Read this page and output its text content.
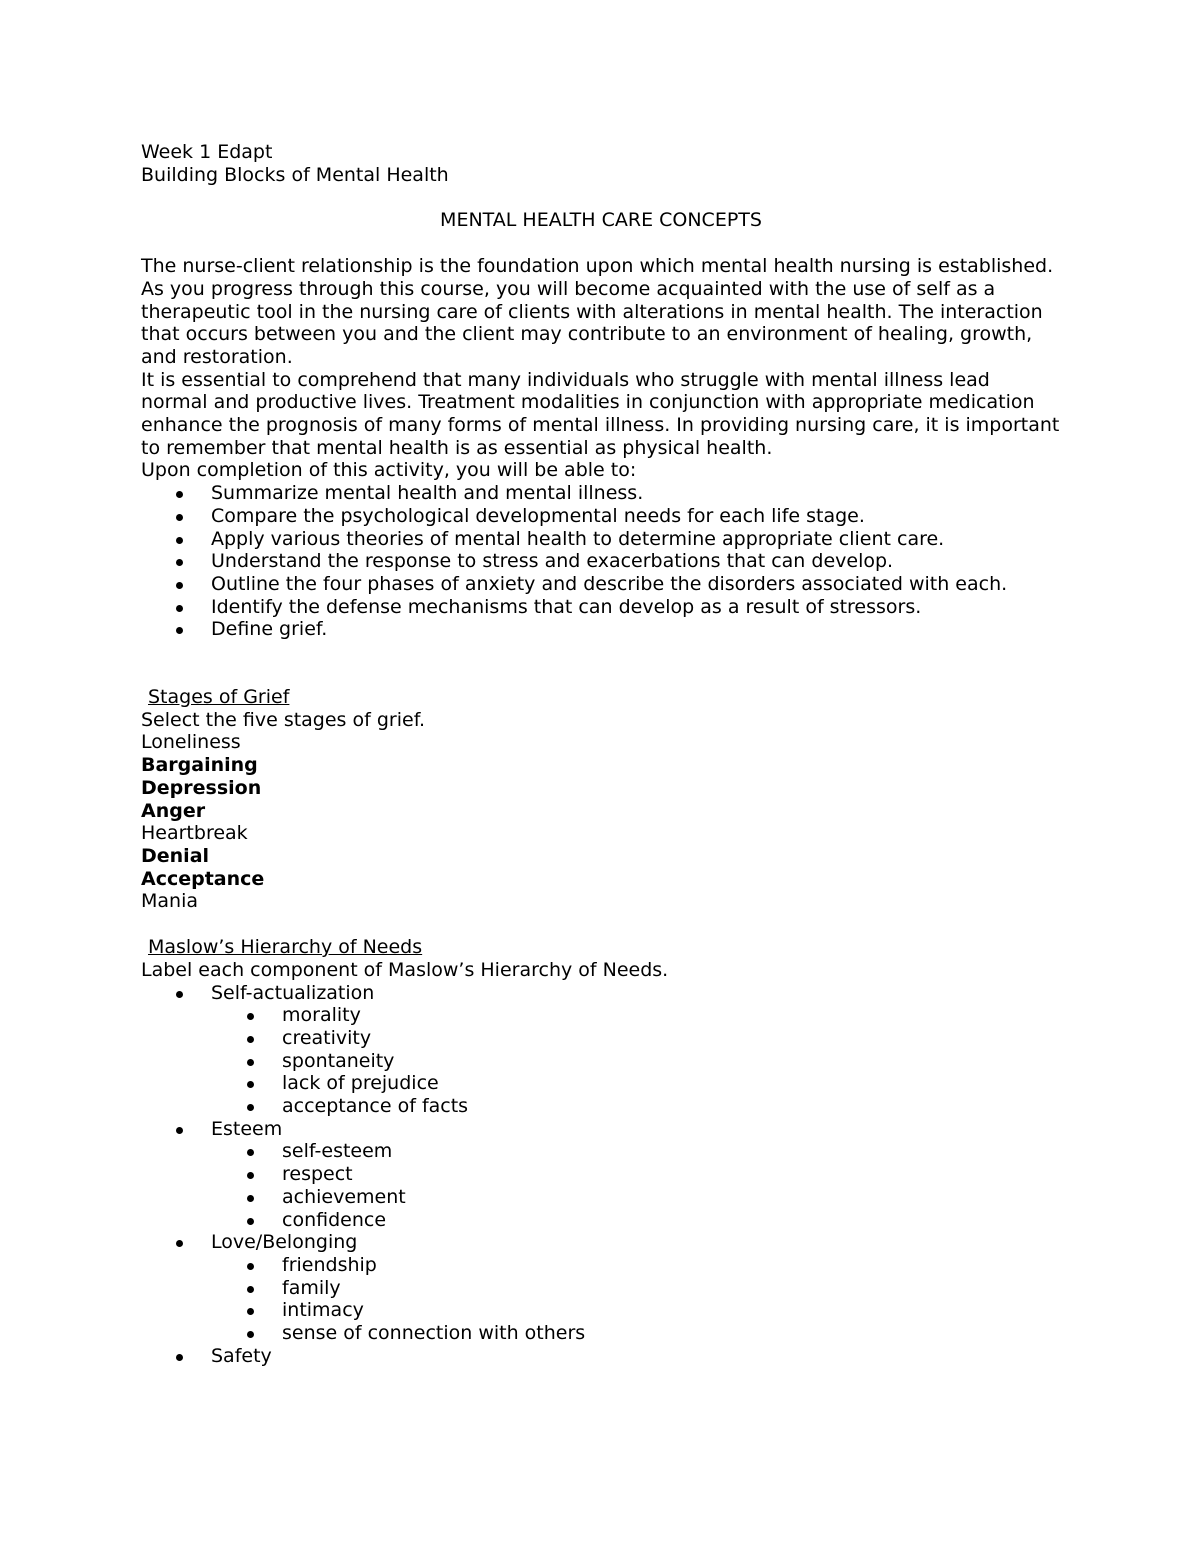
Week 1 Edapt

Building Blocks of Mental Health

MENTAL HEALTH CARE CONCEPTS

The nurse-client relationship is the foundation upon which mental health nursing is established. As you progress through this course, you will become acquainted with the use of self as a therapeutic tool in the nursing care of clients with alterations in mental health. The interaction that occurs between you and the client may contribute to an environment of healing, growth, and restoration.

It is essential to comprehend that many individuals who struggle with mental illness lead normal and productive lives. Treatment modalities in conjunction with appropriate medication enhance the prognosis of many forms of mental illness. In providing nursing care, it is important to remember that mental health is as essential as physical health.

Upon completion of this activity, you will be able to:

Summarize mental health and mental illness.
Compare the psychological developmental needs for each life stage.
Apply various theories of mental health to determine appropriate client care.
Understand the response to stress and exacerbations that can develop.
Outline the four phases of anxiety and describe the disorders associated with each.
Identify the defense mechanisms that can develop as a result of stressors.
Define grief.

Stages of Grief

Select the five stages of grief.

Loneliness

Bargaining

Depression

Anger

Heartbreak

Denial

Acceptance

Mania

Maslow’s Hierarchy of Needs

Label each component of Maslow’s Hierarchy of Needs.

Self-actualization
morality
creativity
spontaneity
lack of prejudice
acceptance of facts
Esteem
self-esteem
respect
achievement
confidence
Love/Belonging
friendship
family
intimacy
sense of connection with others
Safety
